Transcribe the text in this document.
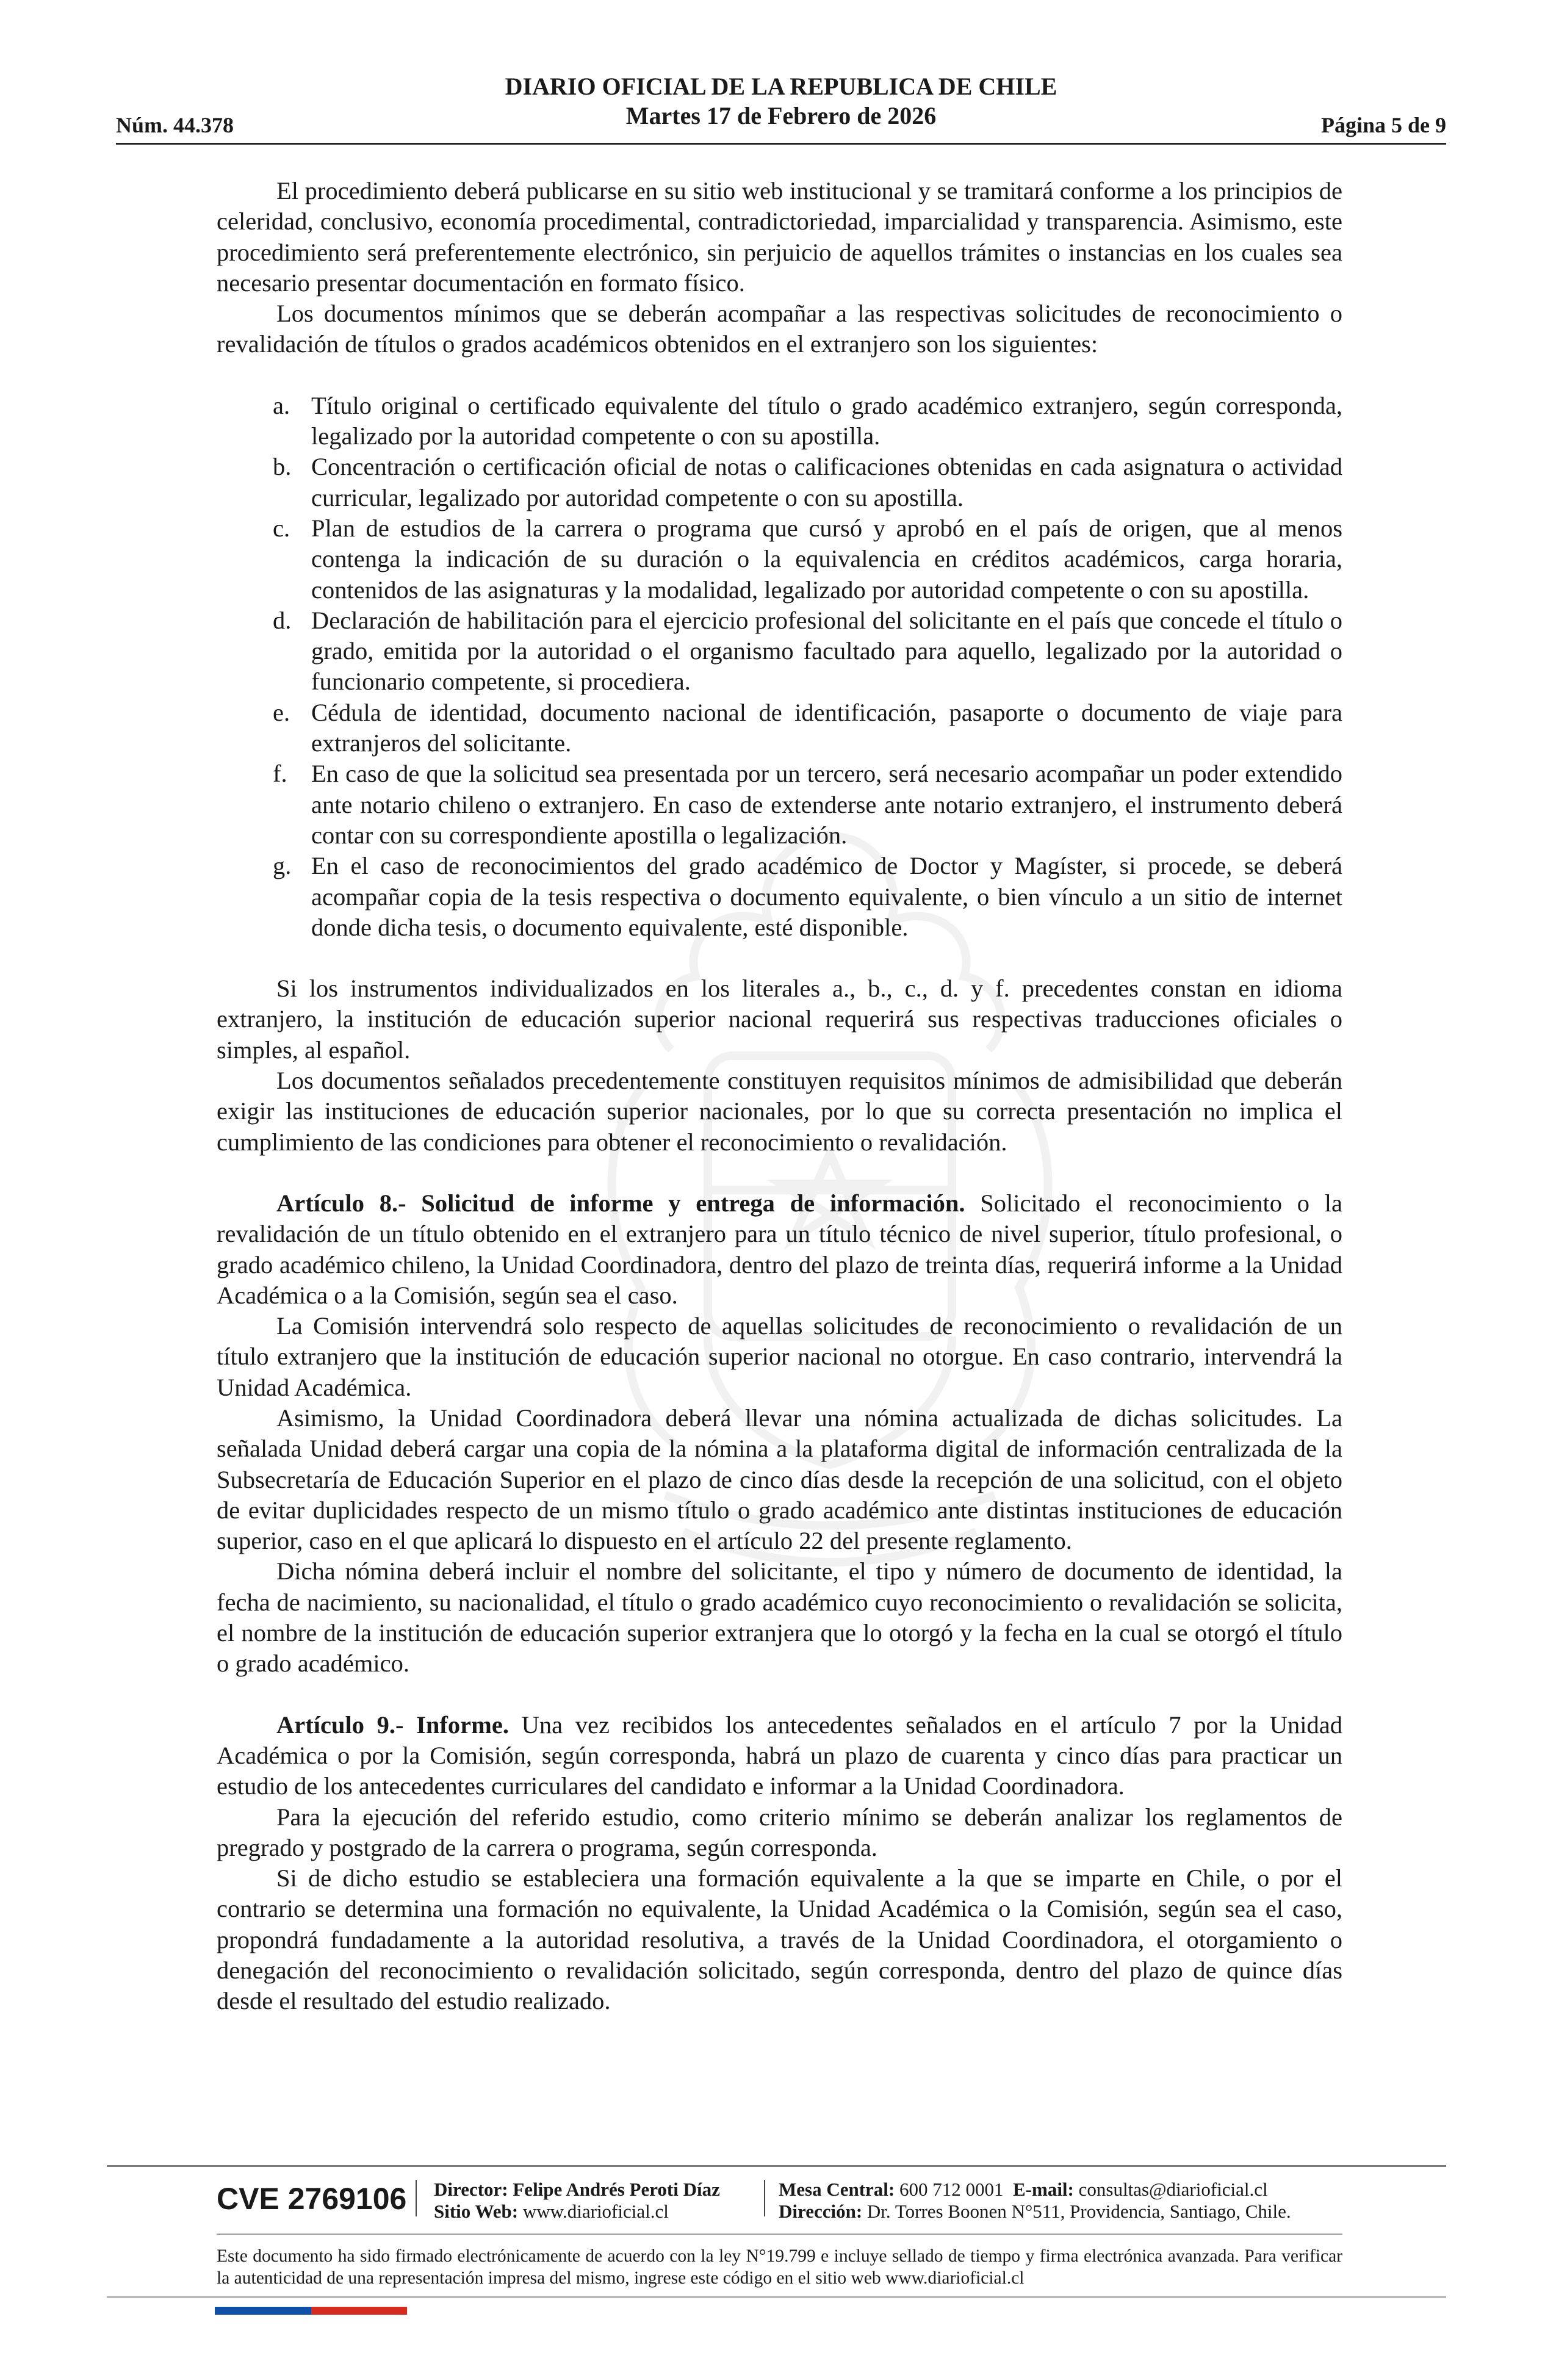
Núm. 44.378
DIARIO OFICIAL DE LA REPUBLICA DE CHILE
Martes 17 de Febrero de 2026	Página 5 de 9

El procedimiento deberá publicarse en su sitio web institucional y se tramitará conforme a los principios de celeridad, conclusivo, economía procedimental, contradictoriedad, imparcialidad y transparencia. Asimismo, este procedimiento será preferentemente electrónico, sin perjuicio de aquellos trámites o instancias en los cuales sea necesario presentar documentación en formato físico.

Los documentos mínimos que se deberán acompañar a las respectivas solicitudes de reconocimiento o revalidación de títulos o grados académicos obtenidos en el extranjero son los siguientes:

a. Título original o certificado equivalente del título o grado académico extranjero, según corresponda, legalizado por la autoridad competente o con su apostilla.
b. Concentración o certificación oficial de notas o calificaciones obtenidas en cada asignatura o actividad curricular, legalizado por autoridad competente o con su apostilla.
c. Plan de estudios de la carrera o programa que cursó y aprobó en el país de origen, que al menos contenga la indicación de su duración o la equivalencia en créditos académicos, carga horaria, contenidos de las asignaturas y la modalidad, legalizado por autoridad competente o con su apostilla.
d. Declaración de habilitación para el ejercicio profesional del solicitante en el país que concede el título o grado, emitida por la autoridad o el organismo facultado para aquello, legalizado por la autoridad o funcionario competente, si procediera.
e. Cédula de identidad, documento nacional de identificación, pasaporte o documento de viaje para extranjeros del solicitante.
f. En caso de que la solicitud sea presentada por un tercero, será necesario acompañar un poder extendido ante notario chileno o extranjero. En caso de extenderse ante notario extranjero, el instrumento deberá contar con su correspondiente apostilla o legalización.
g. En el caso de reconocimientos del grado académico de Doctor y Magíster, si procede, se deberá acompañar copia de la tesis respectiva o documento equivalente, o bien vínculo a un sitio de internet donde dicha tesis, o documento equivalente, esté disponible.

Si los instrumentos individualizados en los literales a., b., c., d. y f. precedentes constan en idioma extranjero, la institución de educación superior nacional requerirá sus respectivas traducciones oficiales o simples, al español.

Los documentos señalados precedentemente constituyen requisitos mínimos de admisibilidad que deberán exigir las instituciones de educación superior nacionales, por lo que su correcta presentación no implica el cumplimiento de las condiciones para obtener el reconocimiento o revalidación.

Artículo 8.- Solicitud de informe y entrega de información. Solicitado el reconocimiento o la revalidación de un título obtenido en el extranjero para un título técnico de nivel superior, título profesional, o grado académico chileno, la Unidad Coordinadora, dentro del plazo de treinta días, requerirá informe a la Unidad Académica o a la Comisión, según sea el caso.

La Comisión intervendrá solo respecto de aquellas solicitudes de reconocimiento o revalidación de un título extranjero que la institución de educación superior nacional no otorgue. En caso contrario, intervendrá la Unidad Académica.

Asimismo, la Unidad Coordinadora deberá llevar una nómina actualizada de dichas solicitudes. La señalada Unidad deberá cargar una copia de la nómina a la plataforma digital de información centralizada de la Subsecretaría de Educación Superior en el plazo de cinco días desde la recepción de una solicitud, con el objeto de evitar duplicidades respecto de un mismo título o grado académico ante distintas instituciones de educación superior, caso en el que aplicará lo dispuesto en el artículo 22 del presente reglamento.

Dicha nómina deberá incluir el nombre del solicitante, el tipo y número de documento de identidad, la fecha de nacimiento, su nacionalidad, el título o grado académico cuyo reconocimiento o revalidación se solicita, el nombre de la institución de educación superior extranjera que lo otorgó y la fecha en la cual se otorgó el título o grado académico.

Artículo 9.- Informe. Una vez recibidos los antecedentes señalados en el artículo 7 por la Unidad Académica o por la Comisión, según corresponda, habrá un plazo de cuarenta y cinco días para practicar un estudio de los antecedentes curriculares del candidato e informar a la Unidad Coordinadora.

Para la ejecución del referido estudio, como criterio mínimo se deberán analizar los reglamentos de pregrado y postgrado de la carrera o programa, según corresponda.

Si de dicho estudio se estableciera una formación equivalente a la que se imparte en Chile, o por el contrario se determina una formación no equivalente, la Unidad Académica o la Comisión, según sea el caso, propondrá fundadamente a la autoridad resolutiva, a través de la Unidad Coordinadora, el otorgamiento o denegación del reconocimiento o revalidación solicitado, según corresponda, dentro del plazo de quince días desde el resultado del estudio realizado.

CVE 2769106 Director: Felipe Andrés Peroti Díaz
Sitio Web: www.diarioficial.cl
Mesa Central: 600 712 0001 E-mail: consultas@diarioficial.cl
Dirección: Dr. Torres Boonen N°511, Providencia, Santiago, Chile.
Este documento ha sido firmado electrónicamente de acuerdo con la ley N°19.799 e incluye sellado de tiempo y firma electrónica avanzada. Para verificar la autenticidad de una representación impresa del mismo, ingrese este código en el sitio web www.diarioficial.cl
